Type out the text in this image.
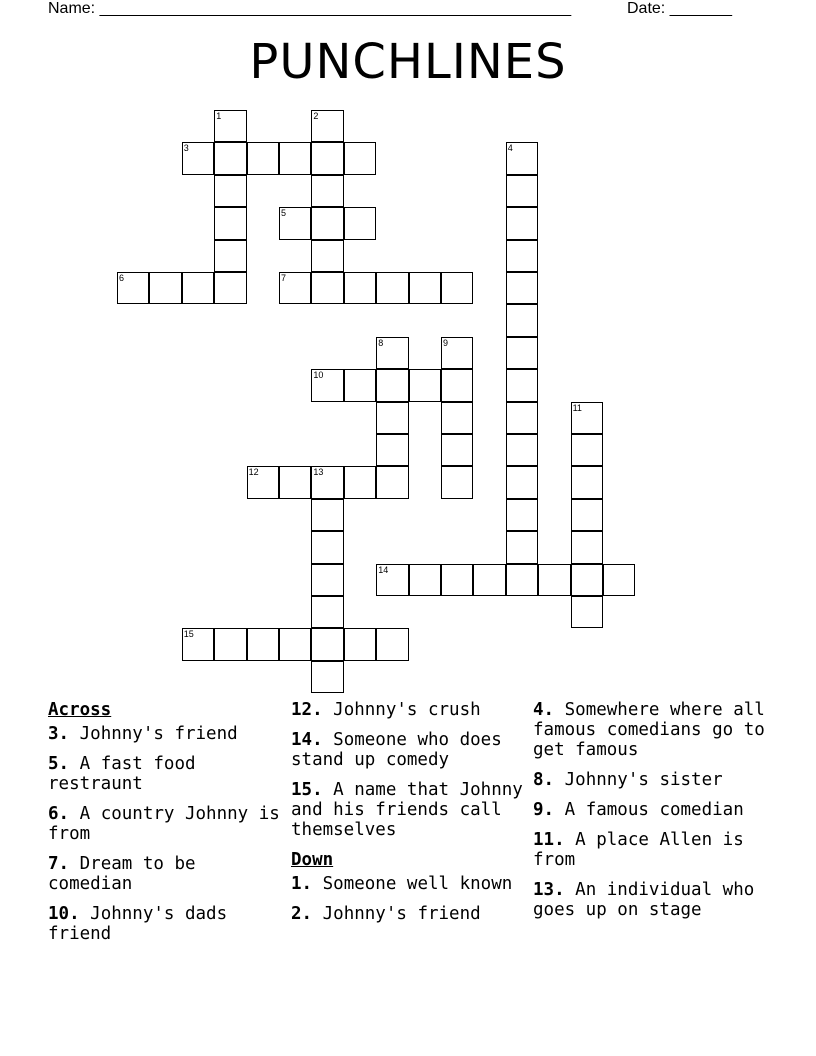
Name: _____________________________________________________	Date: _______
PUNCHLINES
1	2
3	4
5
6	7
8	9
10
11
12	13
14
15
Across
3. Johnny's friend
5. A fast food restraunt
6. A country Johnny is from
7. Dream to be comedian
10. Johnny's dads friend
12. Johnny's crush
14. Someone who does stand up comedy
15. A name that Johnny and his friends call themselves
Down
1. Someone well known
2. Johnny's friend
4. Somewhere where all famous comedians go to get famous
8. Johnny's sister
9. A famous comedian
11. A place Allen is from
13. An individual who goes up on stage
